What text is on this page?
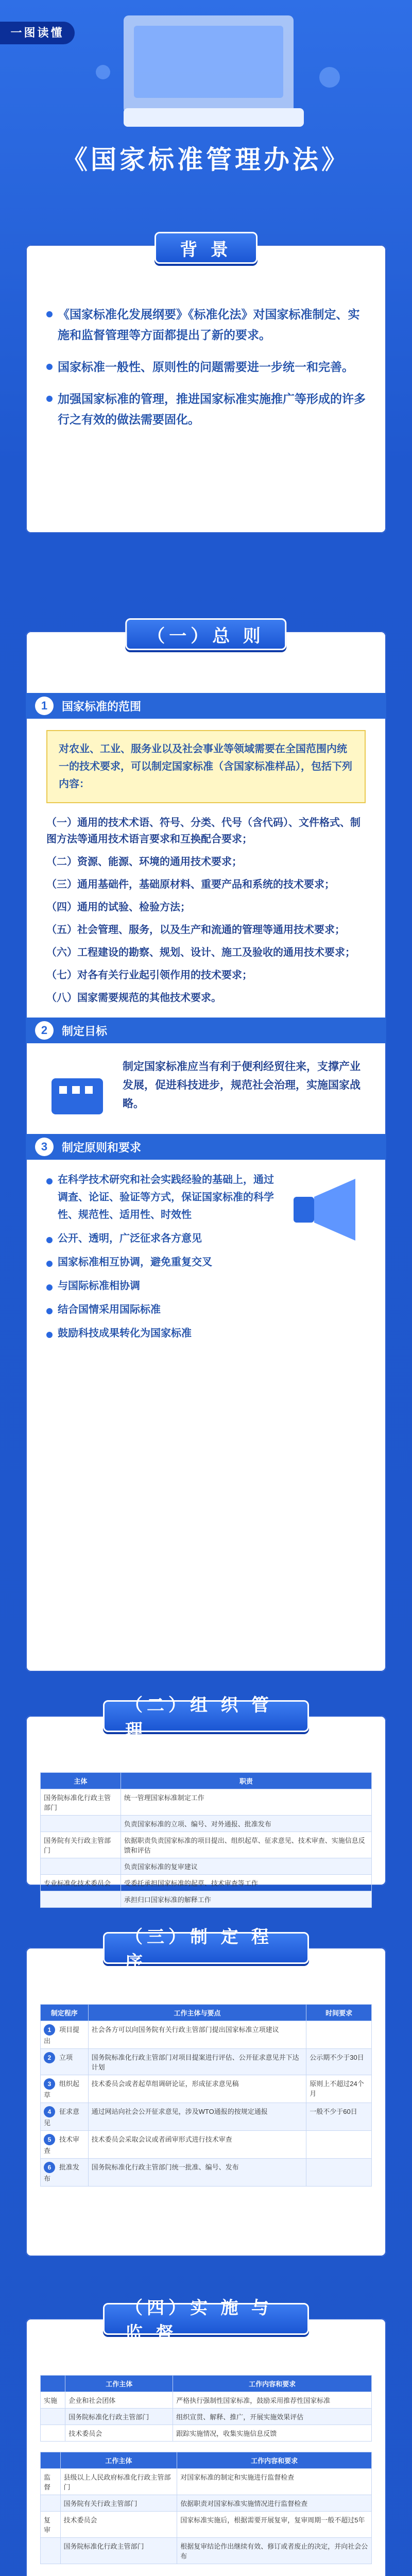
一图读懂
《国家标准管理办法》
《国家标准化发展纲要》《标准化法》对国家标准制定、实施和监督管理等方面都提出了新的要求。
国家标准一般性、原则性的问题需要进一步统一和完善。
加强国家标准的管理，推进国家标准实施推广等形成的许多行之有效的做法需要固化。
背 景
1	国家标准的范围
对农业、工业、服务业以及社会事业等领域需要在全国范围内统一的技术要求，可以制定国家标准（含国家标准样品），包括下列内容：
（一）通用的技术术语、符号、分类、代号（含代码）、文件格式、制图方法等通用技术语言要求和互换配合要求；
（二）资源、能源、环境的通用技术要求；
（三）通用基础件，基础原材料、重要产品和系统的技术要求；
（四）通用的试验、检验方法；
（五）社会管理、服务，以及生产和流通的管理等通用技术要求；
（六）工程建设的勘察、规划、设计、施工及验收的通用技术要求；
（七）对各有关行业起引领作用的技术要求；
（八）国家需要规范的其他技术要求。
2	制定目标
制定国家标准应当有利于便利经贸往来，支撑产业发展，促进科技进步，规范社会治理，实施国家战略。
3	制定原则和要求
在科学技术研究和社会实践经验的基础上，通过调查、论证、验证等方式，保证国家标准的科学性、规范性、适用性、时效性
公开、透明，广泛征求各方意见
国家标准相互协调，避免重复交叉
与国际标准相协调
结合国情采用国际标准
鼓励科技成果转化为国家标准
（一）总 则
主体	职责
国务院标准化行政主管部门	统一管理国家标准制定工作
	负责国家标准的立项、编号、对外通报、批准发布
国务院有关行政主管部门	依据职责负责国家标准的项目提出、组织起草、征求意见、技术审查、实施信息反馈和评估
	负责国家标准的复审建议
专业标准化技术委员会	受委托承担国家标准的起草、技术审查等工作
	承担归口国家标准的解释工作
（二）组 织 管 理
制定程序	工作主体与要点	时间要求
1 项目提出	社会各方可以向国务院有关行政主管部门提出国家标准立项建议	
2 立项	国务院标准化行政主管部门对项目提案进行评估、公开征求意见并下达计划	公示期不少于30日
3 组织起草	技术委员会或者起草组调研论证，形成征求意见稿	原则上不超过24个月
4 征求意见	通过网站向社会公开征求意见，涉及WTO通报的按规定通报	一般不少于60日
5 技术审查	技术委员会采取会议或者函审形式进行技术审查	
6 批准发布	国务院标准化行政主管部门统一批准、编号、发布	
（三）制 定 程 序
	工作主体	工作内容和要求
实施	企业和社会团体	严格执行强制性国家标准，鼓励采用推荐性国家标准
	国务院标准化行政主管部门	组织宣贯、解释、推广，开展实施效果评估
	技术委员会	跟踪实施情况，收集实施信息反馈
	工作主体	工作内容和要求
监督	县级以上人民政府标准化行政主管部门	对国家标准的制定和实施进行监督检查
	国务院有关行政主管部门	依据职责对国家标准实施情况进行监督检查
复审	技术委员会	国家标准实施后，根据需要开展复审，复审周期一般不超过5年
	国务院标准化行政主管部门	根据复审结论作出继续有效、修订或者废止的决定，并向社会公布
（四）实 施 与 监 督
